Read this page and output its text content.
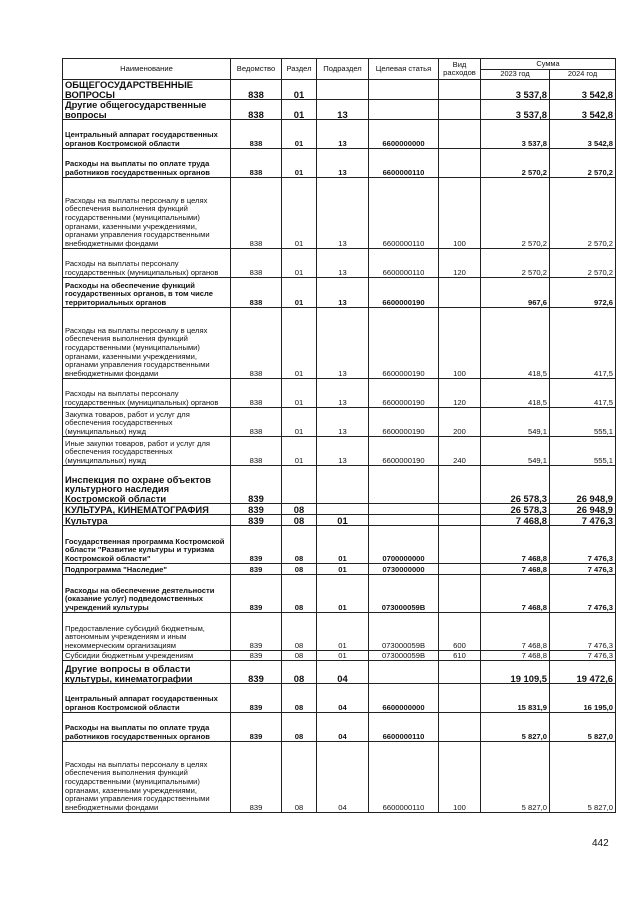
Наименование	Ведомство	Раздел	Подраздел	Целевая статья	Вид расходов	Сумма	
						2023 год	2024 год
ОБЩЕГОСУДАРСТВЕННЫЕ ВОПРОСЫ	838	01				3 537,8	3 542,8
Другие общегосударственные вопросы	838	01	13			3 537,8	3 542,8
Центральный аппарат государственных органов Костромской области	838	01	13	6600000000		3 537,8	3 542,8
Расходы на выплаты по оплате труда работников государственных органов	838	01	13	6600000110		2 570,2	2 570,2
Расходы на выплаты персоналу в целях обеспечения выполнения функций государственными (муниципальными) органами, казенными учреждениями, органами управления государственными внебюджетными фондами	838	01	13	6600000110	100	2 570,2	2 570,2
Расходы на выплаты персоналу государственных (муниципальных) органов	838	01	13	6600000110	120	2 570,2	2 570,2
Расходы на обеспечение функций государственных органов, в том числе территориальных органов	838	01	13	6600000190		967,6	972,6
Расходы на выплаты персоналу в целях обеспечения выполнения функций государственными (муниципальными) органами, казенными учреждениями, органами управления государственными внебюджетными фондами	838	01	13	6600000190	100	418,5	417,5
Расходы на выплаты персоналу государственных (муниципальных) органов	838	01	13	6600000190	120	418,5	417,5
Закупка товаров, работ и услуг для обеспечения государственных (муниципальных) нужд	838	01	13	6600000190	200	549,1	555,1
Иные закупки товаров, работ и услуг для обеспечения государственных (муниципальных) нужд	838	01	13	6600000190	240	549,1	555,1
Инспекция по охране объектов культурного наследия Костромской области	839					26 578,3	26 948,9
КУЛЬТУРА, КИНЕМАТОГРАФИЯ	839	08				26 578,3	26 948,9
Культура	839	08	01			7 468,8	7 476,3
Государственная программа Костромской области "Развитие культуры и туризма Костромской области"	839	08	01	0700000000		7 468,8	7 476,3
Подпрограмма "Наследие"	839	08	01	0730000000		7 468,8	7 476,3
Расходы на обеспечение деятельности (оказание услуг) подведомственных учреждений культуры	839	08	01	073000059В		7 468,8	7 476,3
Предоставление субсидий бюджетным, автономным учреждениям и иным некоммерческим организациям	839	08	01	073000059В	600	7 468,8	7 476,3
Субсидии бюджетным учреждениям	839	08	01	073000059В	610	7 468,8	7 476,3
Другие вопросы в области культуры, кинематографии	839	08	04			19 109,5	19 472,6
Центральный аппарат государственных органов Костромской области	839	08	04	6600000000		15 831,9	16 195,0
Расходы на выплаты по оплате труда работников государственных органов	839	08	04	6600000110		5 827,0	5 827,0
Расходы на выплаты персоналу в целях обеспечения выполнения функций государственными (муниципальными) органами, казенными учреждениями, органами управления государственными внебюджетными фондами	839	08	04	6600000110	100	5 827,0	5 827,0
442
